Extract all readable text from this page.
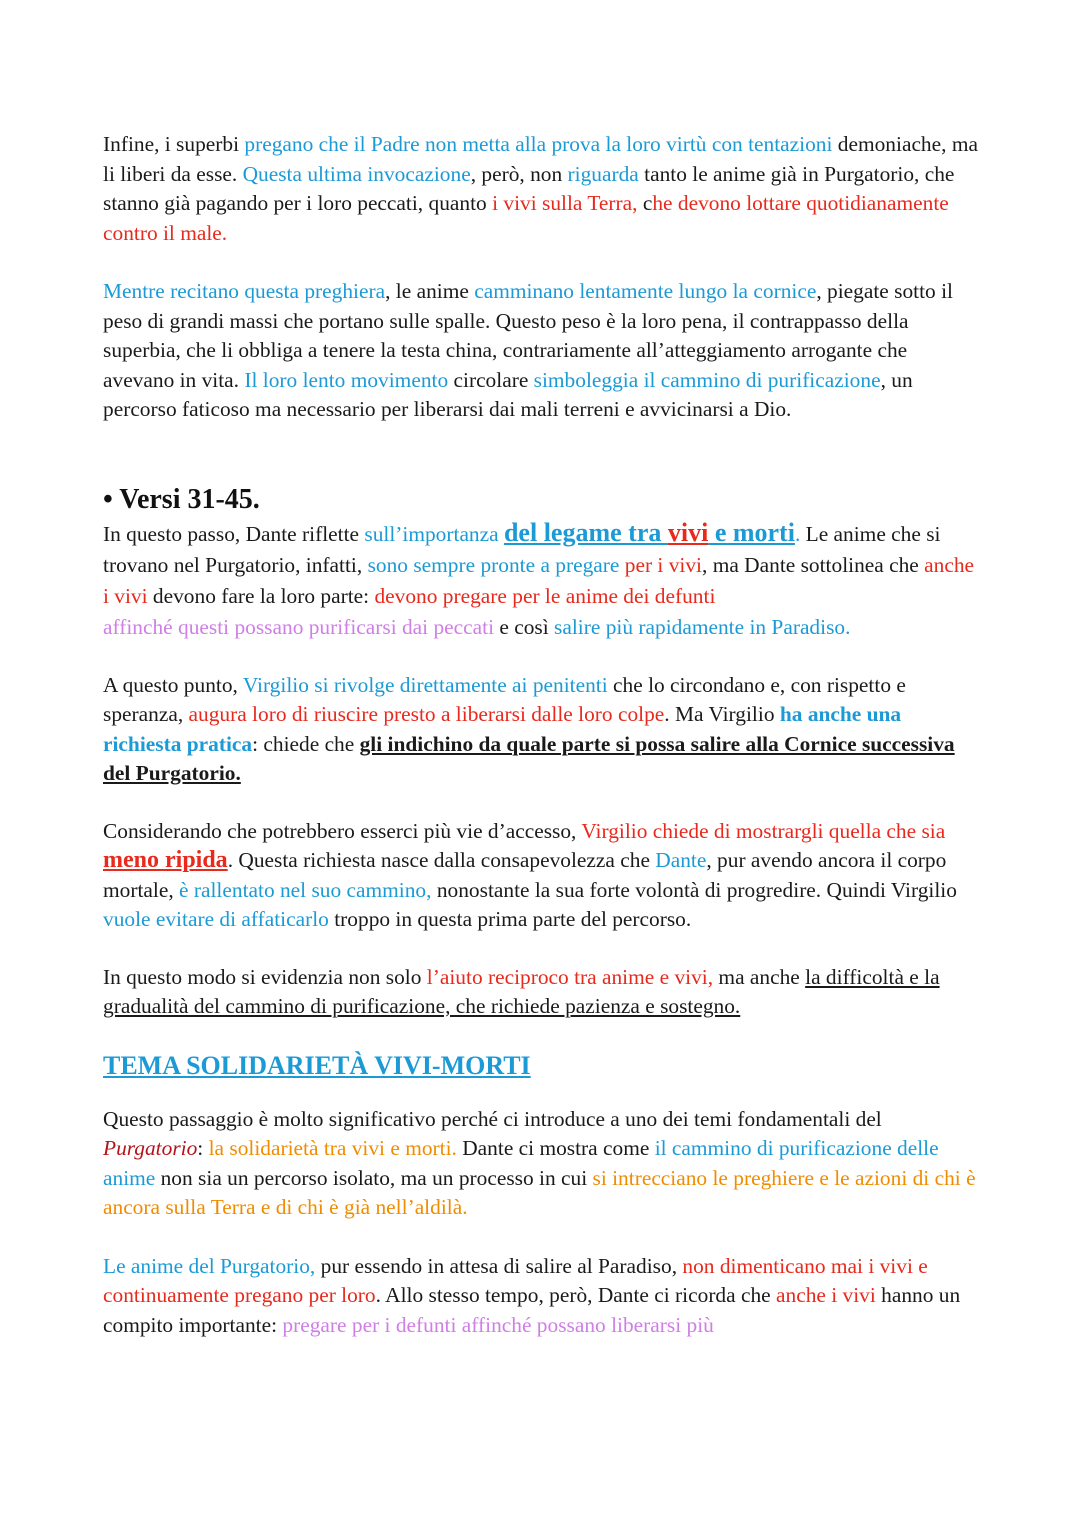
Infine, i superbi pregano che il Padre non metta alla prova la loro virtù con tentazioni demoniache, ma li liberi da esse. Questa ultima invocazione, però, non riguarda tanto le anime già in Purgatorio, che stanno già pagando per i loro peccati, quanto i vivi sulla Terra, che devono lottare quotidianamente contro il male.

Mentre recitano questa preghiera, le anime camminano lentamente lungo la cornice, piegate sotto il peso di grandi massi che portano sulle spalle. Questo peso è la loro pena, il contrappasso della superbia, che li obbliga a tenere la testa china, contrariamente all’atteggiamento arrogante che avevano in vita. Il loro lento movimento circolare simboleggia il cammino di purificazione, un percorso faticoso ma necessario per liberarsi dai mali terreni e avvicinarsi a Dio.

• Versi 31-45.

In questo passo, Dante riflette sull’importanza del legame tra vivi e morti. Le anime che si trovano nel Purgatorio, infatti, sono sempre pronte a pregare per i vivi, ma Dante sottolinea che anche i vivi devono fare la loro parte: devono pregare per le anime dei defunti
affinché questi possano purificarsi dai peccati e così salire più rapidamente in Paradiso.

A questo punto, Virgilio si rivolge direttamente ai penitenti che lo circondano e, con rispetto e speranza, augura loro di riuscire presto a liberarsi dalle loro colpe. Ma Virgilio ha anche una richiesta pratica: chiede che gli indichino da quale parte si possa salire alla Cornice successiva del Purgatorio.

Considerando che potrebbero esserci più vie d’accesso, Virgilio chiede di mostrargli quella che sia meno ripida. Questa richiesta nasce dalla consapevolezza che Dante, pur avendo ancora il corpo mortale, è rallentato nel suo cammino, nonostante la sua forte volontà di progredire. Quindi Virgilio vuole evitare di affaticarlo troppo in questa prima parte del percorso.

In questo modo si evidenzia non solo l’aiuto reciproco tra anime e vivi, ma anche la difficoltà e la gradualità del cammino di purificazione, che richiede pazienza e sostegno.

TEMA SOLIDARIETÀ VIVI-MORTI

Questo passaggio è molto significativo perché ci introduce a uno dei temi fondamentali del Purgatorio: la solidarietà tra vivi e morti. Dante ci mostra come il cammino di purificazione delle anime non sia un percorso isolato, ma un processo in cui si intrecciano le preghiere e le azioni di chi è ancora sulla Terra e di chi è già nell’aldilà.

Le anime del Purgatorio, pur essendo in attesa di salire al Paradiso, non dimenticano mai i vivi e continuamente pregano per loro. Allo stesso tempo, però, Dante ci ricorda che anche i vivi hanno un compito importante: pregare per i defunti affinché possano liberarsi più
